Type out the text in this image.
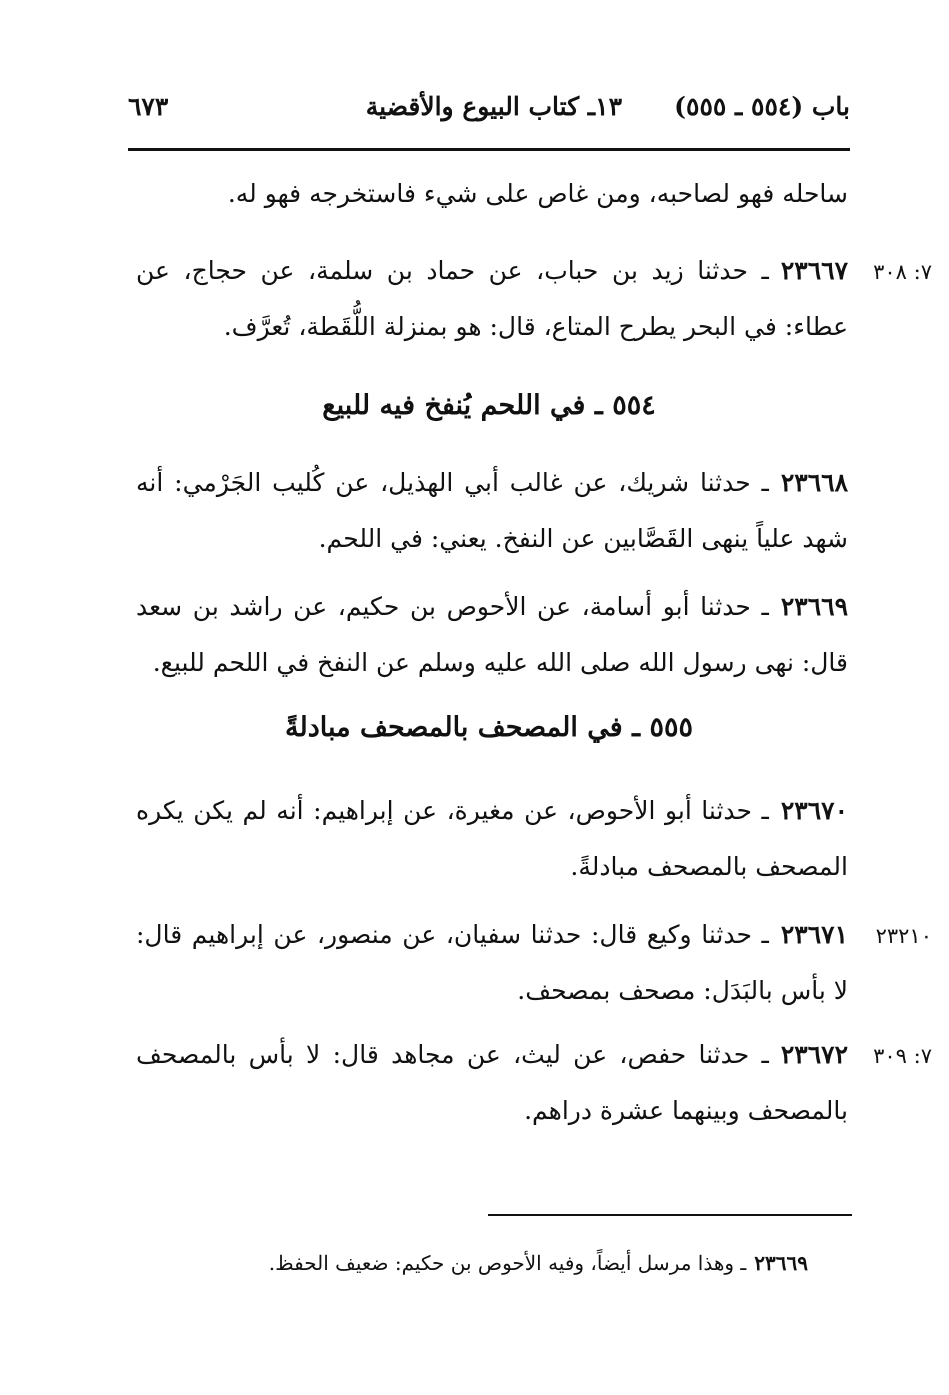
باب (٥٥٤ ـ ٥٥٥)
١٣ـ كتاب البيوع والأقضية
٦٧٣
ساحله فهو لصاحبه، ومن غاص على شيء فاستخرجه فهو له.
٧: ٣٠٨
٢٣٦٦٧ـ حدثنا زيد بن حباب، عن حماد بن سلمة، عن حجاج، عن عطاء: في البحر يطرح المتاع، قال: هو بمنزلة اللُّقَطة، تُعرَّف.
٥٥٤ ـ في اللحم يُنفخ فيه للبيع
٢٣٦٦٨ـ حدثنا شريك، عن غالب أبي الهذيل، عن كُليب الجَرْمي: أنه شهد علياً ينهى القَصَّابين عن النفخ. يعني: في اللحم.
٢٣٦٦٩ـ حدثنا أبو أسامة، عن الأحوص بن حكيم، عن راشد بن سعد قال: نهى رسول الله صلى الله عليه وسلم عن النفخ في اللحم للبيع.
٥٥٥ ـ في المصحف بالمصحف مبادلةً
٢٣٦٧٠ـ حدثنا أبو الأحوص، عن مغيرة، عن إبراهيم: أنه لم يكن يكره المصحف بالمصحف مبادلةً.
٢٣٢١٠
٢٣٦٧١ـ حدثنا وكيع قال: حدثنا سفيان، عن منصور، عن إبراهيم قال: لا بأس بالبَدَل: مصحف بمصحف.
٧: ٣٠٩
٢٣٦٧٢ـ حدثنا حفص، عن ليث، عن مجاهد قال: لا بأس بالمصحف بالمصحف وبينهما عشرة دراهم.
٢٣٦٦٩ـ وهذا مرسل أيضاً، وفيه الأحوص بن حكيم: ضعيف الحفظ.
